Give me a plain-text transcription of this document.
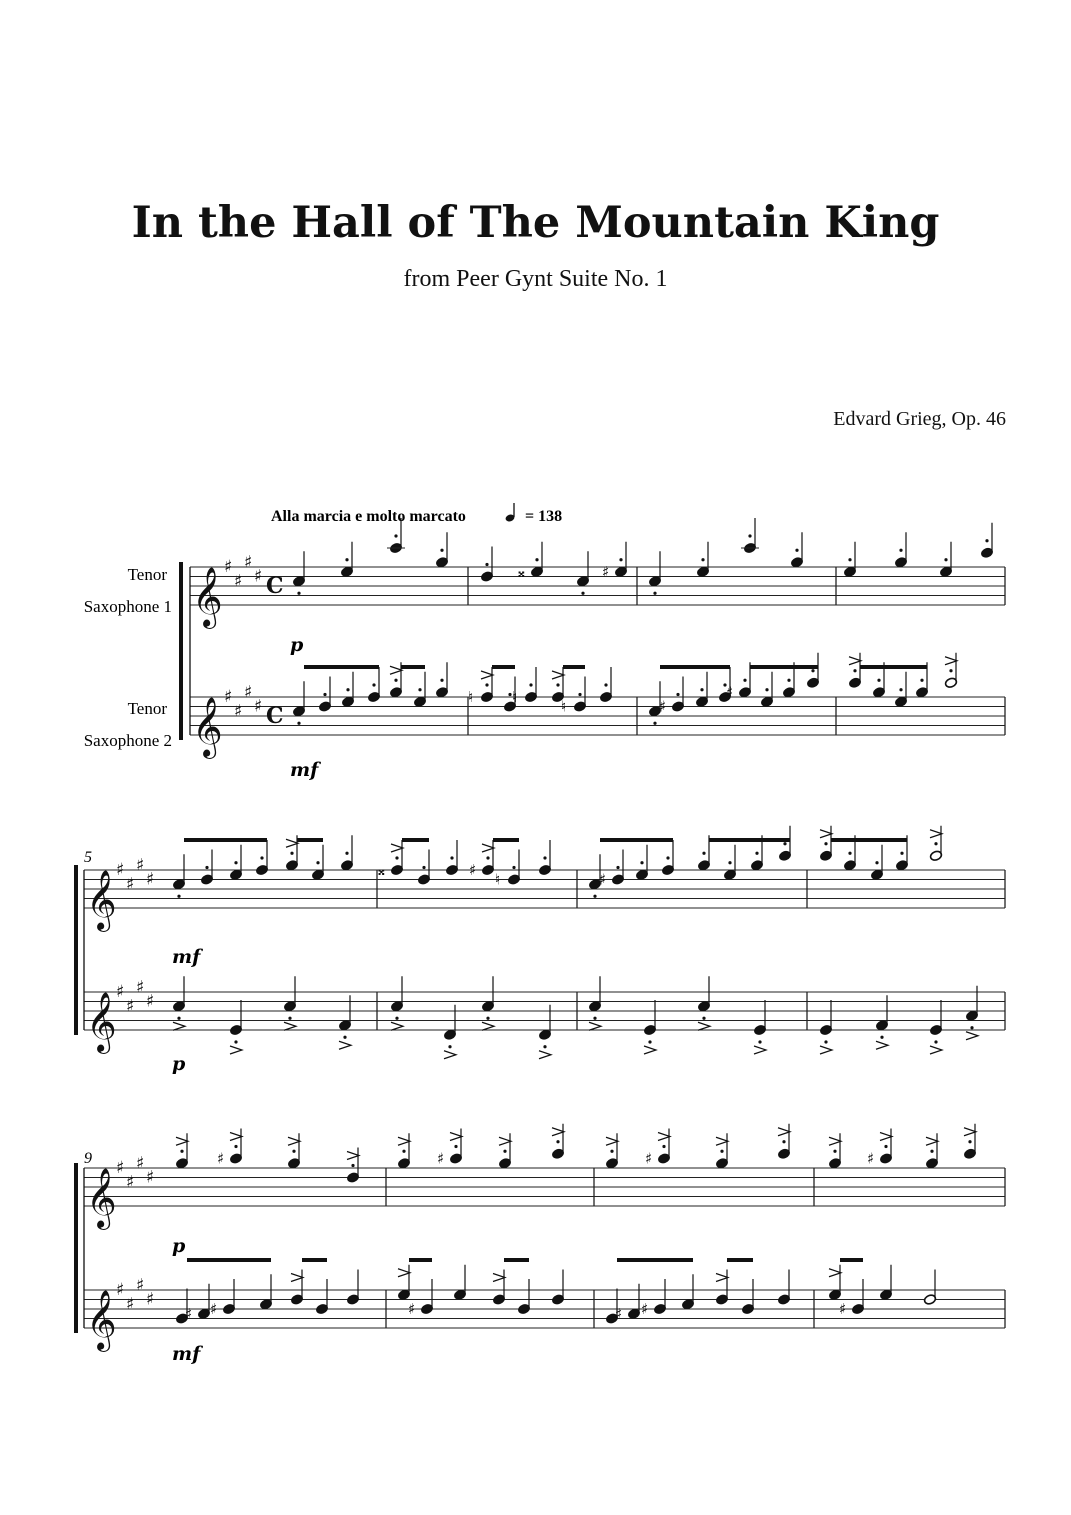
In the Hall of The Mountain King
from Peer Gynt Suite No. 1
Edvard Grieg, Op. 46
𝄞 ♯
♯
♯
♯ C
𝄞 ♯
♯
♯
♯ C
𝄞 ♯
♯
♯
♯
𝄞 ♯
♯
♯
♯
𝄞 ♯
♯
♯
♯
𝄞 ♯
♯
♯
♯
𝄪	♯
♮	♮
♮	♯
♯
𝄪	♯
♮	♯
♯	♯	♯	♯
♯ ♯	♯	♯ ♯	♯
Alla marcia e molto marcato	= 138
Tenor
Saxophone 1
Tenor
Saxophone 2
5
9
p
mf
mf
p
p
mf
